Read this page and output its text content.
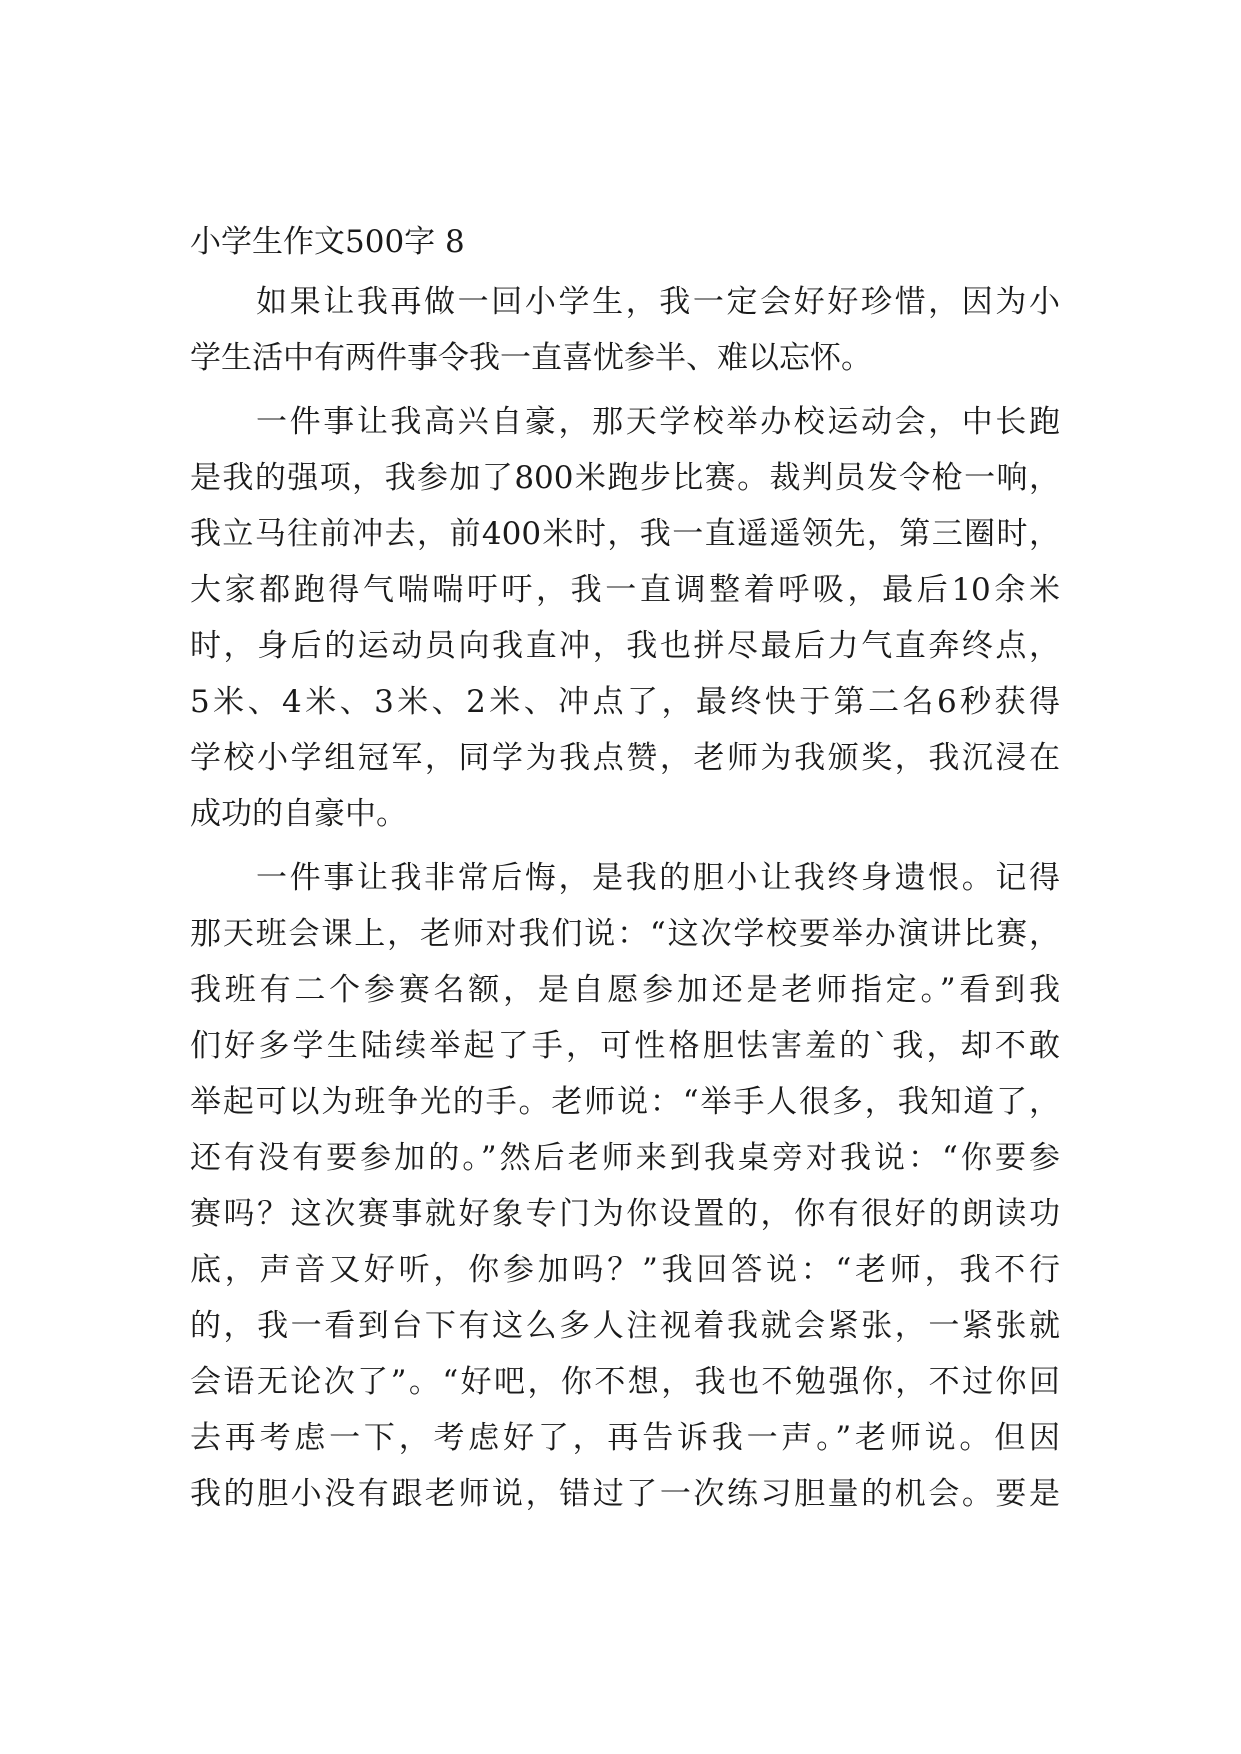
小学生作文500字 8

如果让我再做一回小学生，我一定会好好珍惜，因为小

学生活中有两件事令我一直喜忧参半、难以忘怀。

一件事让我高兴自豪，那天学校举办校运动会，中长跑

是我的强项，我参加了800米跑步比赛。裁判员发令枪一响，

我立马往前冲去，前400米时，我一直遥遥领先，第三圈时，

大家都跑得气喘喘吁吁，我一直调整着呼吸，最后10余米

时，身后的运动员向我直冲，我也拼尽最后力气直奔终点，

5米、4米、3米、2米、冲点了，最终快于第二名6秒获得

学校小学组冠军，同学为我点赞，老师为我颁奖，我沉浸在

成功的自豪中。

一件事让我非常后悔，是我的胆小让我终身遗恨。记得

那天班会课上，老师对我们说：“这次学校要举办演讲比赛，

我班有二个参赛名额，是自愿参加还是老师指定。”看到我

们好多学生陆续举起了手，可性格胆怯害羞的`我，却不敢

举起可以为班争光的手。老师说：“举手人很多，我知道了，

还有没有要参加的。”然后老师来到我桌旁对我说：“你要参

赛吗？这次赛事就好象专门为你设置的，你有很好的朗读功

底，声音又好听，你参加吗？”我回答说：“老师，我不行

的，我一看到台下有这么多人注视着我就会紧张，一紧张就

会语无论次了”。“好吧，你不想，我也不勉强你，不过你回

去再考虑一下，考虑好了，再告诉我一声。”老师说。但因

我的胆小没有跟老师说，错过了一次练习胆量的机会。要是
